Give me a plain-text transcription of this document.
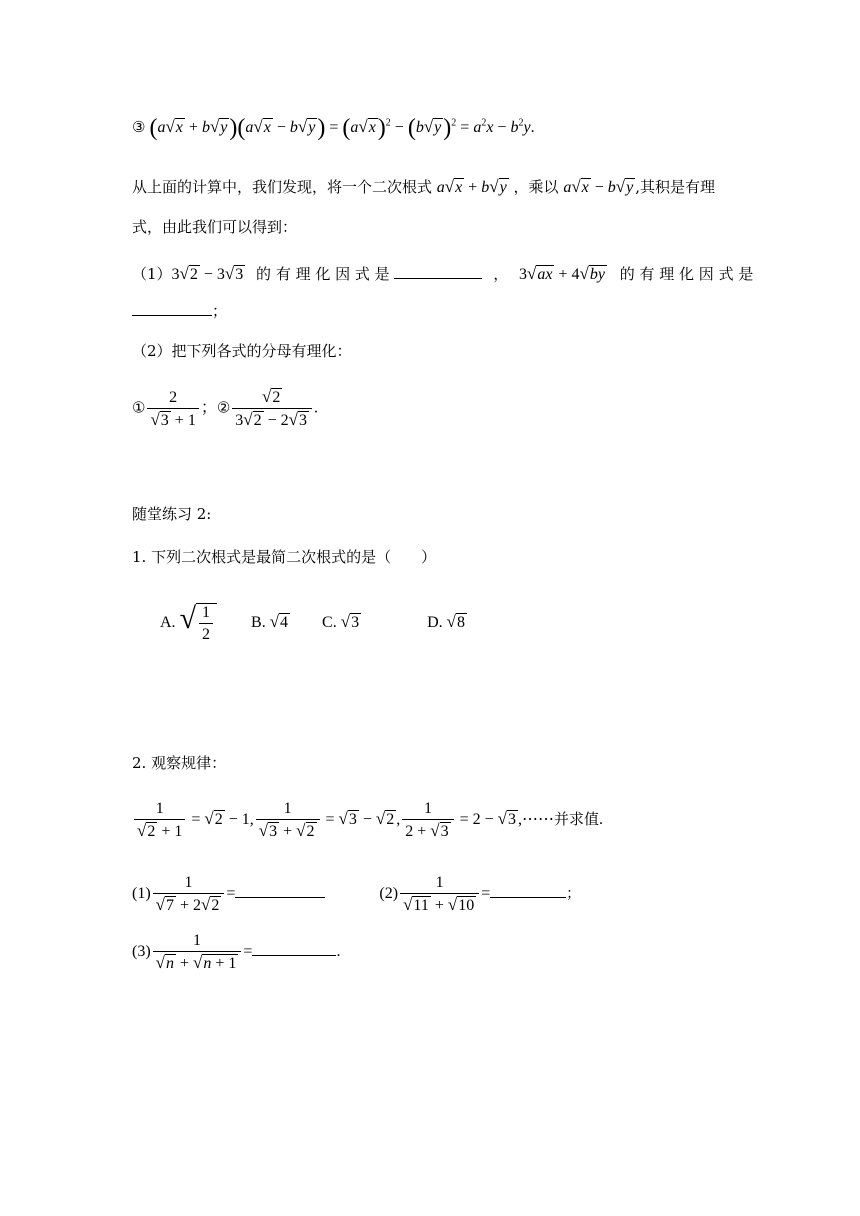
③ $(a√x + b√y)(a√x - b√y) = (a√x)^2 - (b√y)^2 = a^2x - b^2y$.
从上面的计算中，我们发现，将一个二次根式 a√x + b√y ，乘以 a√x − b√y ,其积是有理
式，由此我们可以得到：
（1）3√2 − 3√3 的 有 理 化 因 式 是	， 3√ax + 4√by 的 有 理 化 因 式 是
；
（2）把下列各式的分母有理化：
① $\frac{2}{√3 + 1}$ ；② $\frac{√2}{3√2 - 2√3}$ .
随堂练习 2:
1. 下列二次根式是最简二次根式的是（　　）
A. √ $\frac{1}{2} B$. √4 C. √3	D. √8
2. 观察规律：
$\frac{1}{√2 + 1} = √2 - 1$, $\frac{1}{√3 + √2} = √3 - √2$ , $\frac{1}{2 + √3} = 2 - √3$ ,⋯⋯并求值.
$(1) \frac{1}{√7 + 2√2}$ =	$(2) \frac{1}{√11 + √10}$ =	；
$(3) \frac{1}{√n + √n + 1}$ =	.
